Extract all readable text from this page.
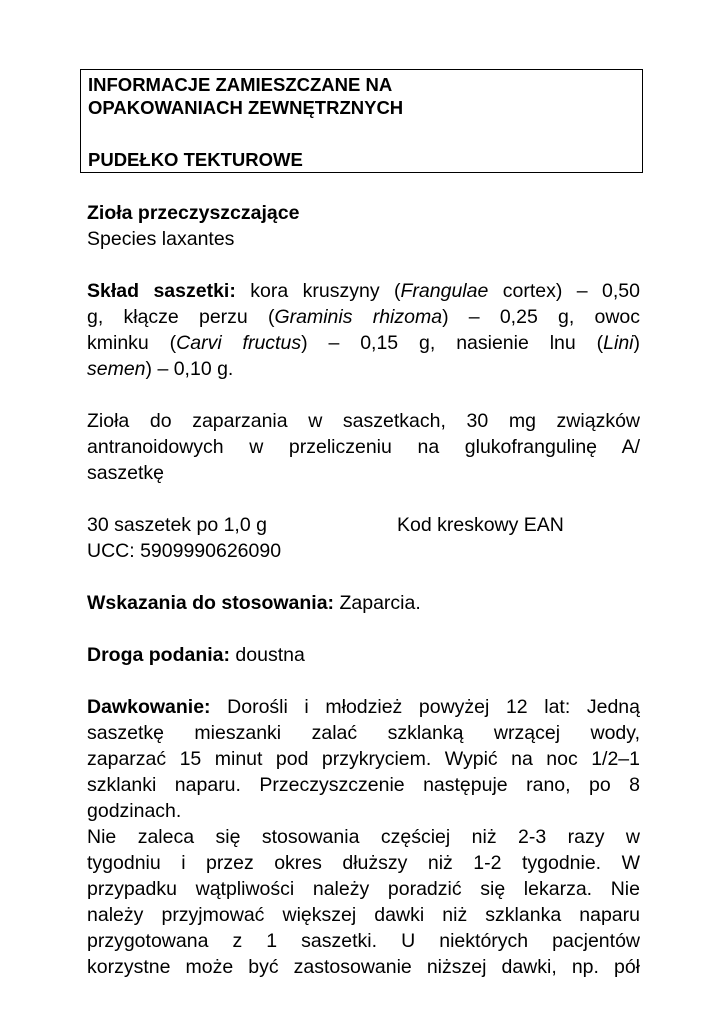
INFORMACJE ZAMIESZCZANE NA
OPAKOWANIACH ZEWNĘTRZNYCH
PUDEŁKO TEKTUROWE
Zioła przeczyszczające
Species laxantes
Skład saszetki: kora kruszyny (Frangulae cortex) – 0,50
g, kłącze perzu (Graminis rhizoma) – 0,25 g, owoc
kminku (Carvi fructus) – 0,15 g, nasienie lnu (Lini)
semen) – 0,10 g.
Zioła do zaparzania w saszetkach, 30 mg związków
antranoidowych w przeliczeniu na glukofrangulinę A/
saszetkę
30 saszetek po 1,0 g	Kod kreskowy EAN
UCC: 5909990626090
Wskazania do stosowania: Zaparcia.
Droga podania: doustna
Dawkowanie: Dorośli i młodzież powyżej 12 lat: Jedną
saszetkę mieszanki zalać szklanką wrzącej wody,
zaparzać 15 minut pod przykryciem. Wypić na noc 1/2–1
szklanki naparu. Przeczyszczenie następuje rano, po 8
godzinach.
Nie zaleca się stosowania częściej niż 2-3 razy w
tygodniu i przez okres dłuższy niż 1-2 tygodnie. W
przypadku wątpliwości należy poradzić się lekarza. Nie
należy przyjmować większej dawki niż szklanka naparu
przygotowana z 1 saszetki. U niektórych pacjentów
korzystne może być zastosowanie niższej dawki, np. pół
